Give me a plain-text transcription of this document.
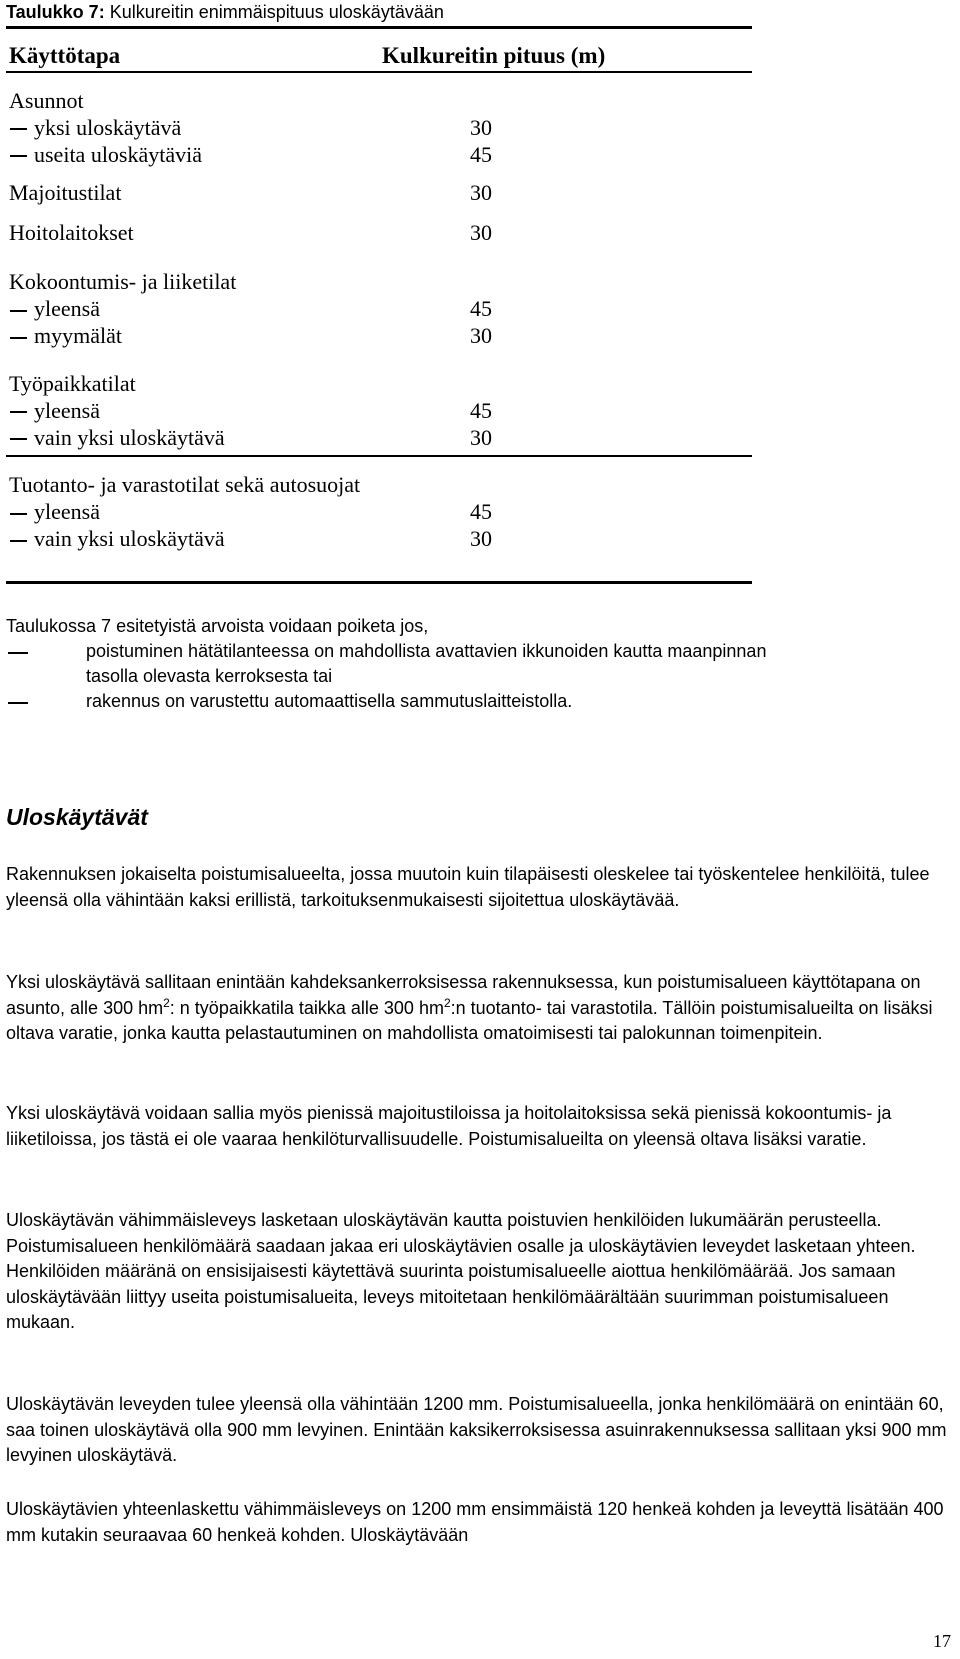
Taulukko 7: Kulkureitin enimmäispituus uloskäytävään
Käyttötapa	Kulkureitin pituus (m)
Asunnot
yksi uloskäytävä	30
useita uloskäytäviä	45
Majoitustilat	30
Hoitolaitokset	30
Kokoontumis- ja liiketilat
yleensä	45
myymälät	30
Työpaikkatilat
yleensä	45
vain yksi uloskäytävä	30
Tuotanto- ja varastotilat sekä autosuojat
yleensä	45
vain yksi uloskäytävä	30
Taulukossa 7 esitetyistä arvoista voidaan poiketa jos,
poistuminen hätätilanteessa on mahdollista avattavien ikkunoiden kautta maanpinnan
tasolla olevasta kerroksesta tai
rakennus on varustettu automaattisella sammutuslaitteistolla.
Uloskäytävät
Rakennuksen jokaiselta poistumisalueelta, jossa muutoin kuin tilapäisesti oleskelee tai työskentelee henkilöitä, tulee yleensä olla vähintään kaksi erillistä, tarkoituksenmukaisesti sijoitettua uloskäytävää.
Yksi uloskäytävä sallitaan enintään kahdeksankerroksisessa rakennuksessa, kun poistumisalueen käyttötapana on asunto, alle 300 $hm^2$: n työpaikkatila taikka alle 300 $hm^2:n$ tuotanto- tai varastotila. Tällöin poistumisalueilta on lisäksi oltava varatie, jonka kautta pelastautuminen on mahdollista omatoimisesti tai palokunnan toimenpitein.
Yksi uloskäytävä voidaan sallia myös pienissä majoitustiloissa ja hoitolaitoksissa sekä pienissä kokoontumis- ja liiketiloissa, jos tästä ei ole vaaraa henkilöturvallisuudelle. Poistumisalueilta on yleensä oltava lisäksi varatie.
Uloskäytävän vähimmäisleveys lasketaan uloskäytävän kautta poistuvien henkilöiden lukumäärän perusteella. Poistumisalueen henkilömäärä saadaan jakaa eri uloskäytävien osalle ja uloskäytävien leveydet lasketaan yhteen. Henkilöiden määränä on ensisijaisesti käytettävä suurinta poistumisalueelle aiottua henkilömäärää. Jos samaan uloskäytävään liittyy useita poistumisalueita, leveys mitoitetaan henkilömäärältään suurimman poistumisalueen mukaan.
Uloskäytävän leveyden tulee yleensä olla vähintään 1200 mm. Poistumisalueella, jonka henkilömäärä on enintään 60, saa toinen uloskäytävä olla 900 mm levyinen. Enintään kaksikerroksisessa asuinrakennuksessa sallitaan yksi 900 mm levyinen uloskäytävä.
Uloskäytävien yhteenlaskettu vähimmäisleveys on 1200 mm ensimmäistä 120 henkeä kohden ja leveyttä lisätään 400 mm kutakin seuraavaa 60 henkeä kohden. Uloskäytävään
17
